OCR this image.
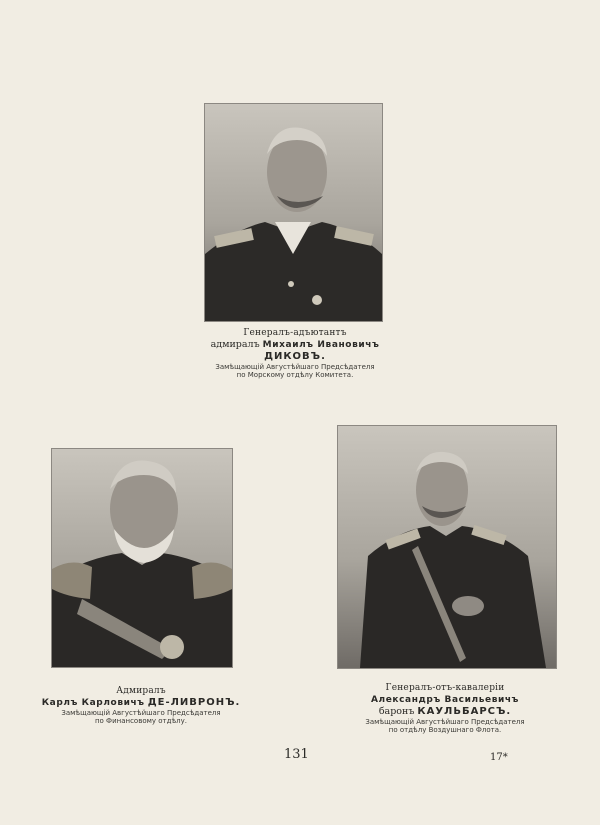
Генералъ-адъютантъ
адмиралъ Михаилъ Ивановичъ
ДИКОВЪ.
Замѣщающій Августѣйшаго Предсѣдателя
по Морскому отдѣлу Комитета.
Адмиралъ
Карлъ Карловичъ ДЕ-ЛИВРОНЪ.
Замѣщающій Августѣйшаго Предсѣдателя
по Финансовому отдѣлу.
Генералъ-отъ-кавалеріи
Александръ Васильевичъ
баронъ КАУЛЬБАРСЪ.
Замѣщающій Августѣйшаго Предсѣдателя
по отдѣлу Воздушнаго Флота.
131	17*
